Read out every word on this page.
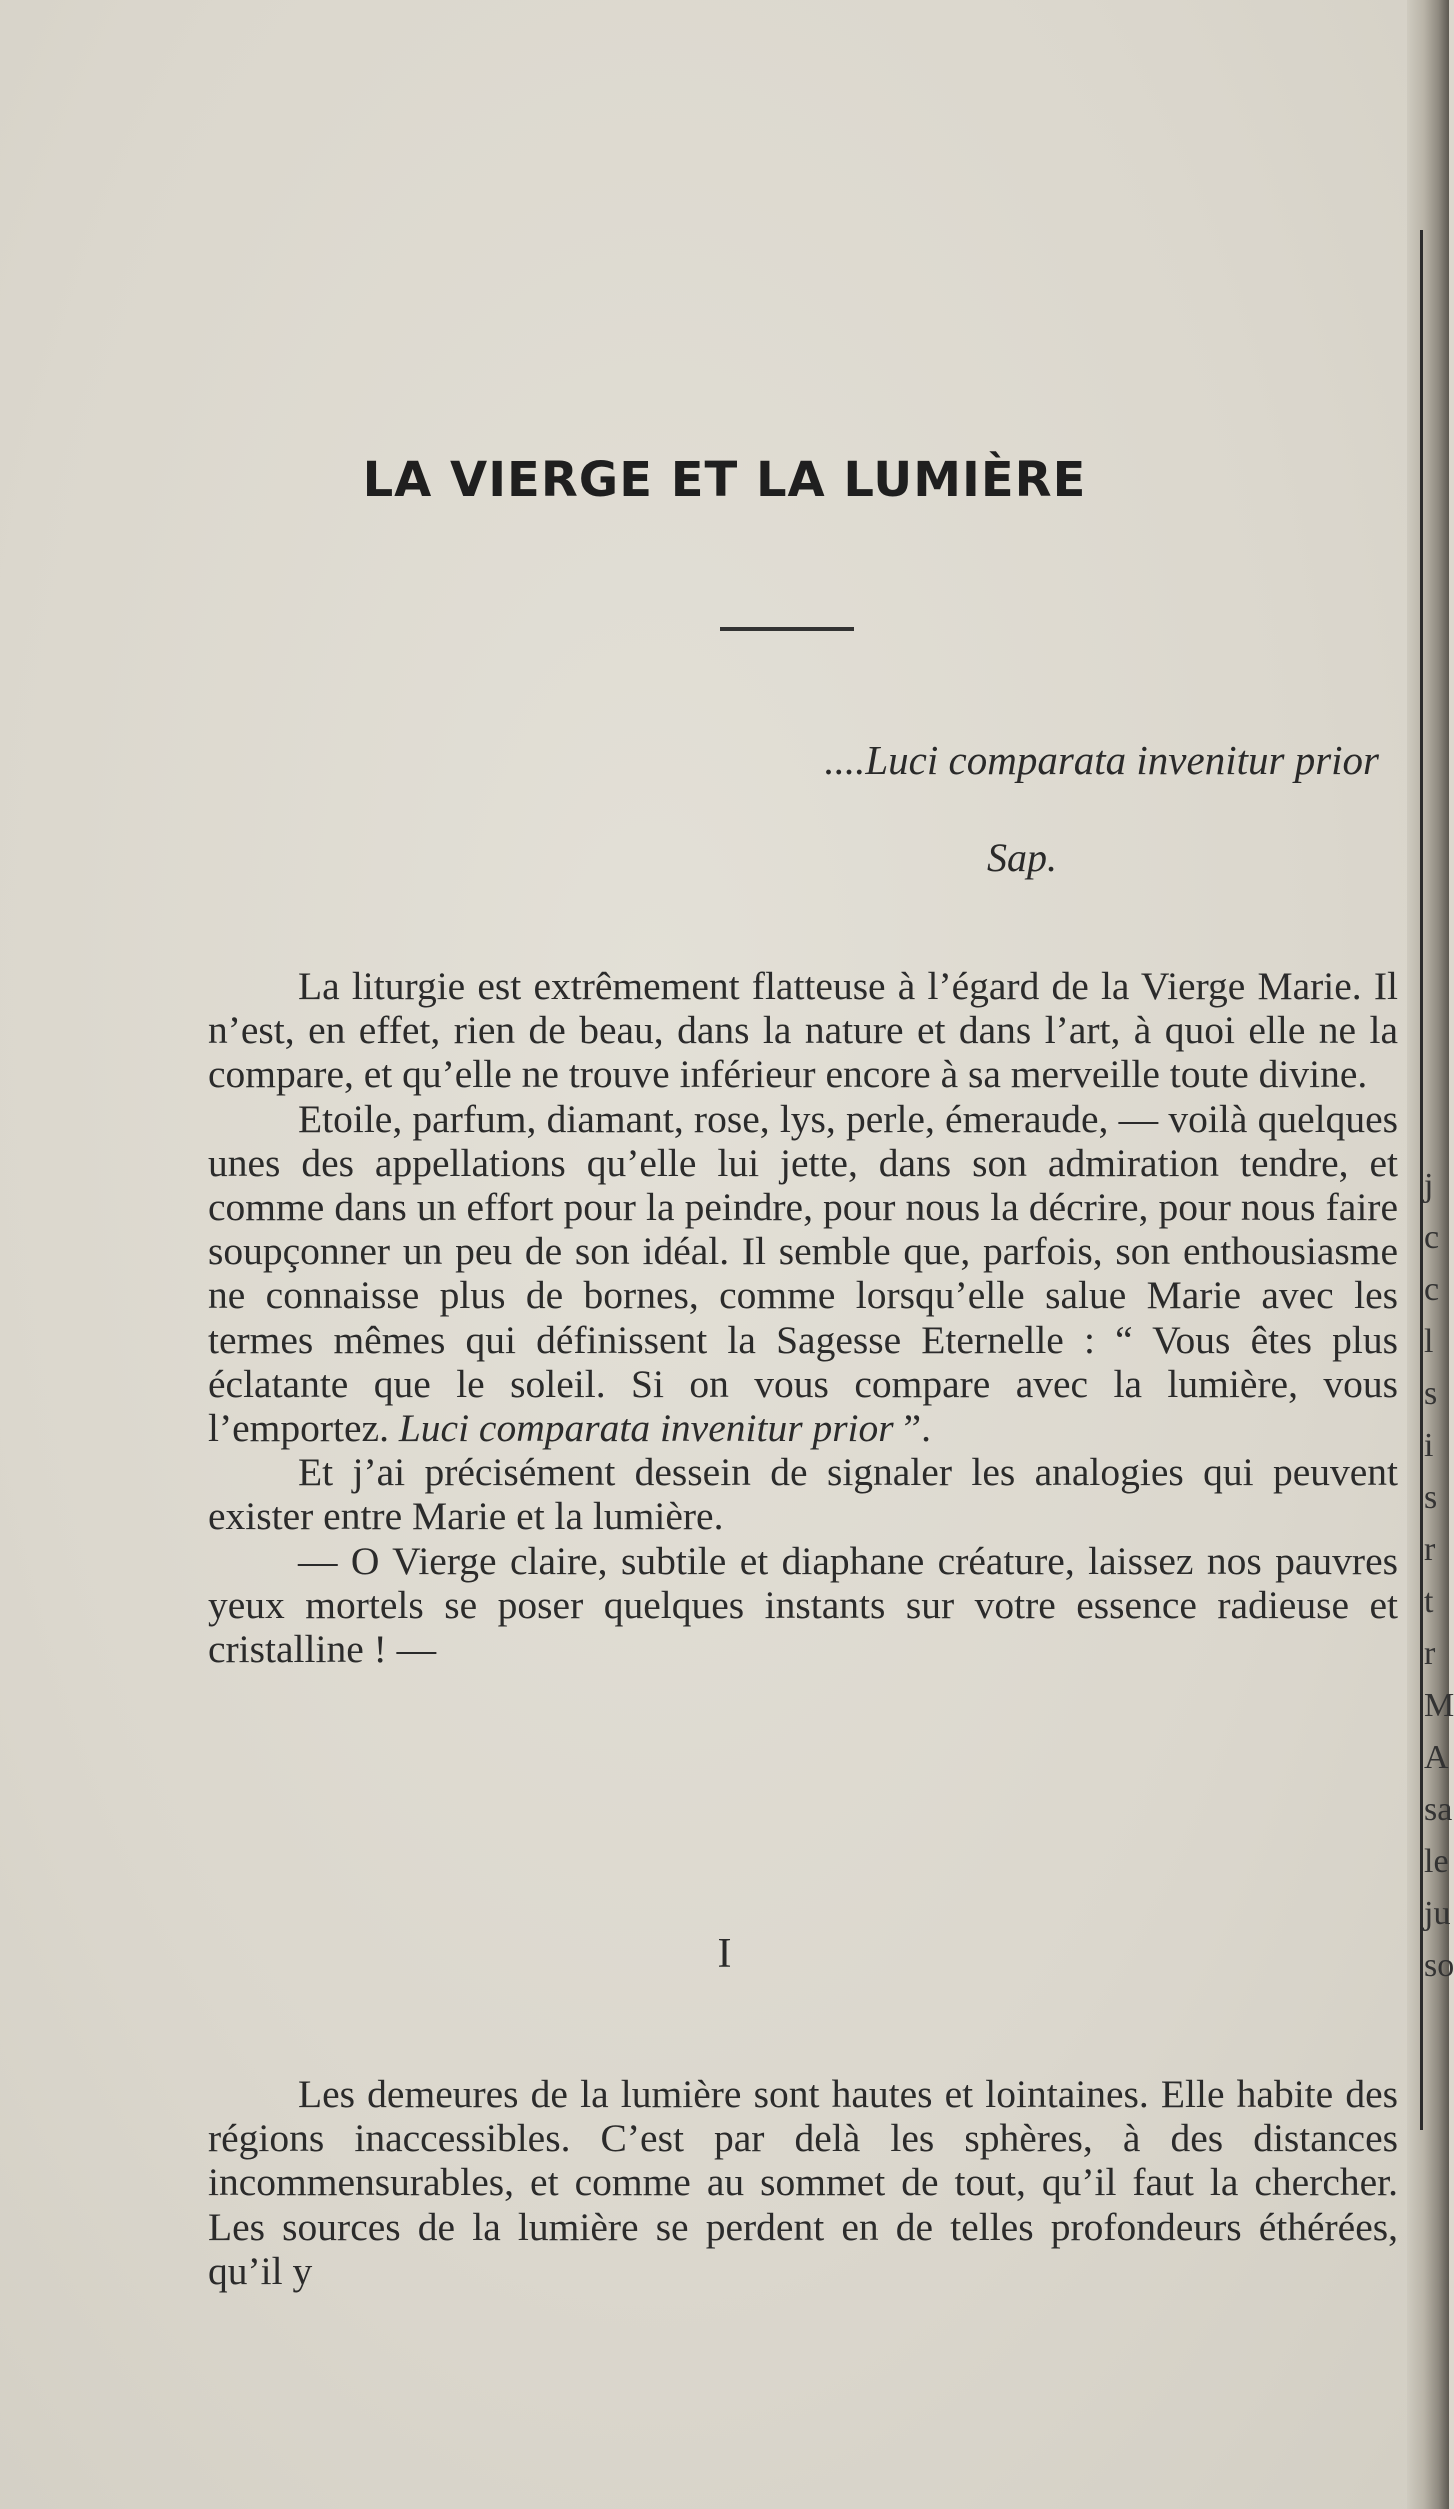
j
c
c
l
s
i
s
r
t
r
M
A
sa
le
ju
so
LA VIERGE ET LA LUMIÈRE
....Luci comparata invenitur prior
Sap.

La liturgie est extrêmement flatteuse à l’égard de la Vierge Marie. Il n’est, en effet, rien de beau, dans la nature et dans l’art, à quoi elle ne la compare, et qu’elle ne trouve inférieur encore à sa merveille toute divine.

Etoile, parfum, diamant, rose, lys, perle, émeraude, — voilà quelques unes des appellations qu’elle lui jette, dans son admiration tendre, et comme dans un effort pour la peindre, pour nous la décrire, pour nous faire soupçonner un peu de son idéal. Il semble que, parfois, son enthousiasme ne connaisse plus de bornes, comme lorsqu’elle salue Marie avec les termes mêmes qui définissent la Sagesse Eternelle : “ Vous êtes plus éclatante que le soleil. Si on vous compare avec la lumière, vous l’emportez. Luci comparata invenitur prior ”.

Et j’ai précisément dessein de signaler les analogies qui peuvent exister entre Marie et la lumière.

— O Vierge claire, subtile et diaphane créature, laissez nos pauvres yeux mortels se poser quelques instants sur votre essence radieuse et cristalline ! —

I

Les demeures de la lumière sont hautes et lointaines. Elle habite des régions inaccessibles. C’est par delà les sphères, à des distances incommensurables, et comme au sommet de tout, qu’il faut la chercher. Les sources de la lumière se perdent en de telles profondeurs éthérées, qu’il y
